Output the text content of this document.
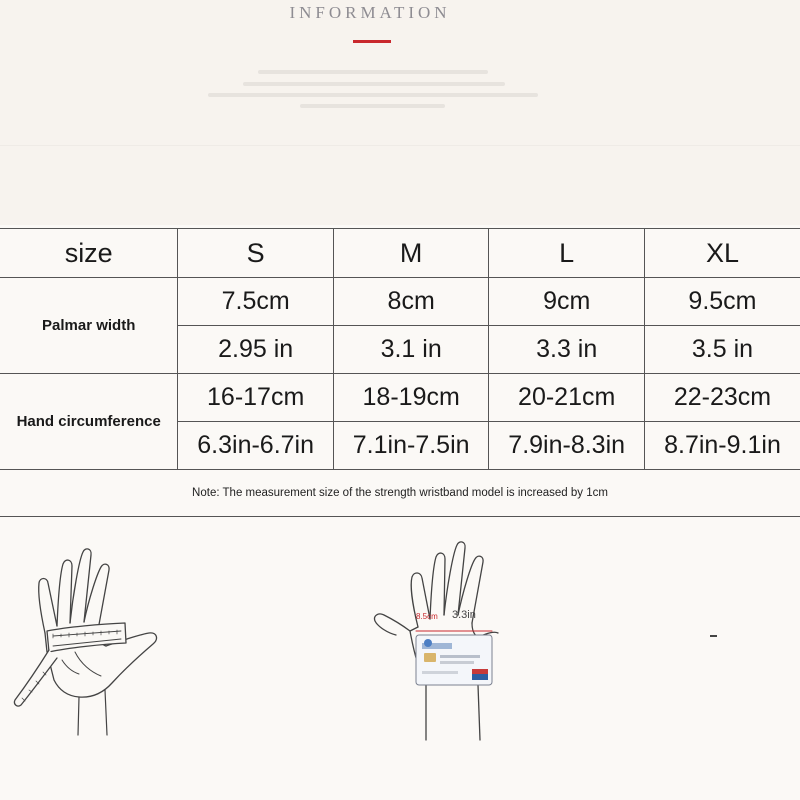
INFORMATION
size	S	M	L	XL
Palmar width	7.5cm	8cm	9cm	9.5cm
	2.95 in	3.1 in	3.3 in	3.5 in
Hand circumference	16-17cm	18-19cm	20-21cm	22-23cm
	6.3in-6.7in	7.1in-7.5in	7.9in-8.3in	8.7in-9.1in
Note: The measurement size of the strength wristband model is increased by 1cm				
8.5cm 3.3in
